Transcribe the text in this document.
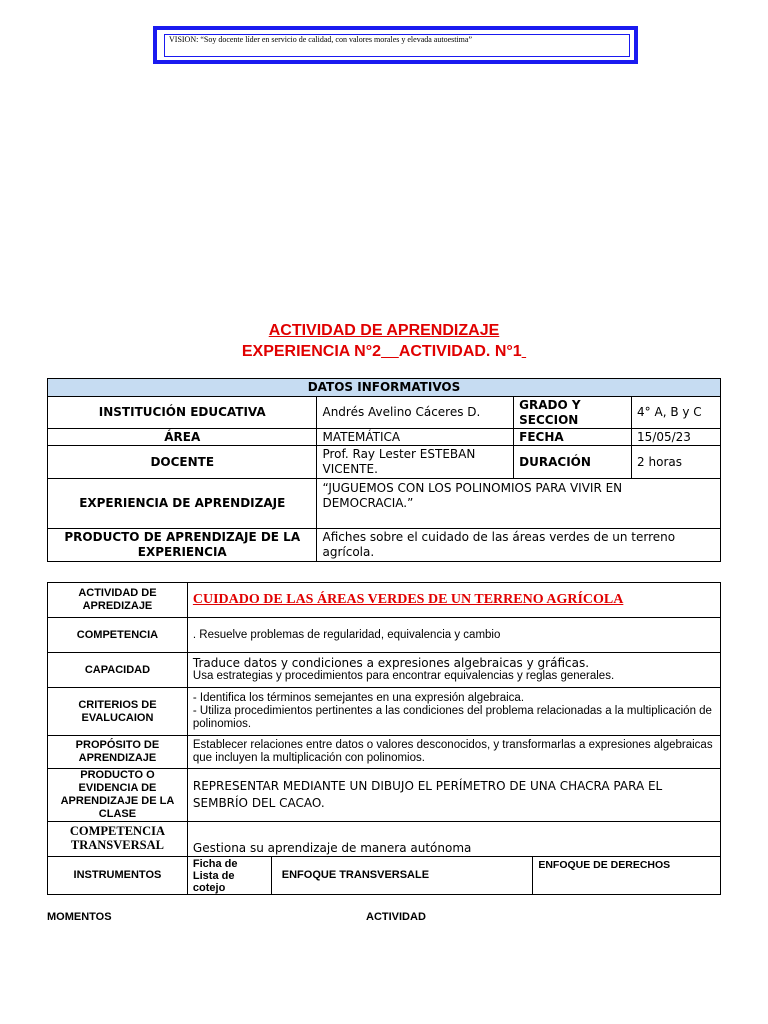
VISION: “Soy docente líder en servicio de calidad, con valores morales y elevada autoestima”
ACTIVIDAD DE APRENDIZAJE
EXPERIENCIA N°2 ACTIVIDAD. N°1
DATOS INFORMATIVOS			
INSTITUCIÓN EDUCATIVA	Andrés Avelino Cáceres D.	GRADO Y SECCION	4° A, B y C
ÁREA	MATEMÁTICA	FECHA	15/05/23
DOCENTE	Prof. Ray Lester ESTEBAN VICENTE.	DURACIÓN	2 horas
EXPERIENCIA DE APRENDIZAJE	“JUGUEMOS CON LOS POLINOMIOS PARA VIVIR EN DEMOCRACIA.”		
PRODUCTO DE APRENDIZAJE DE LA EXPERIENCIA	Afiches sobre el cuidado de las áreas verdes de un terreno agrícola.		
ACTIVIDAD DE APREDIZAJE	CUIDADO DE LAS ÁREAS VERDES DE UN TERRENO AGRÍCOLA		
COMPETENCIA	. Resuelve problemas de regularidad, equivalencia y cambio		
CAPACIDAD	Traduce datos y condiciones a expresiones algebraicas y gráficas.
Usa estrategias y procedimientos para encontrar equivalencias y reglas generales.		

CRITERIOS DE EVALUCAION	- Identifica los términos semejantes en una expresión algebraica.
- Utiliza procedimientos pertinentes a las condiciones del problema relacionadas a la multiplicación de polinomios.		

PROPÓSITO DE APRENDIZAJE	Establecer relaciones entre datos o valores desconocidos, y transformarlas a expresiones algebraicas que incluyen la multiplicación con polinomios.		
PRODUCTO O EVIDENCIA DE APRENDIZAJE DE LA CLASE	REPRESENTAR MEDIANTE UN DIBUJO EL PERÍMETRO DE UNA CHACRA PARA EL SEMBRÍO DEL CACAO.		
COMPETENCIA TRANSVERSAL	Gestiona su aprendizaje de manera autónoma		
INSTRUMENTOS	Ficha de Lista de cotejo	ENFOQUE TRANSVERSALE	ENFOQUE DE DERECHOS
MOMENTOS	ACTIVIDAD
